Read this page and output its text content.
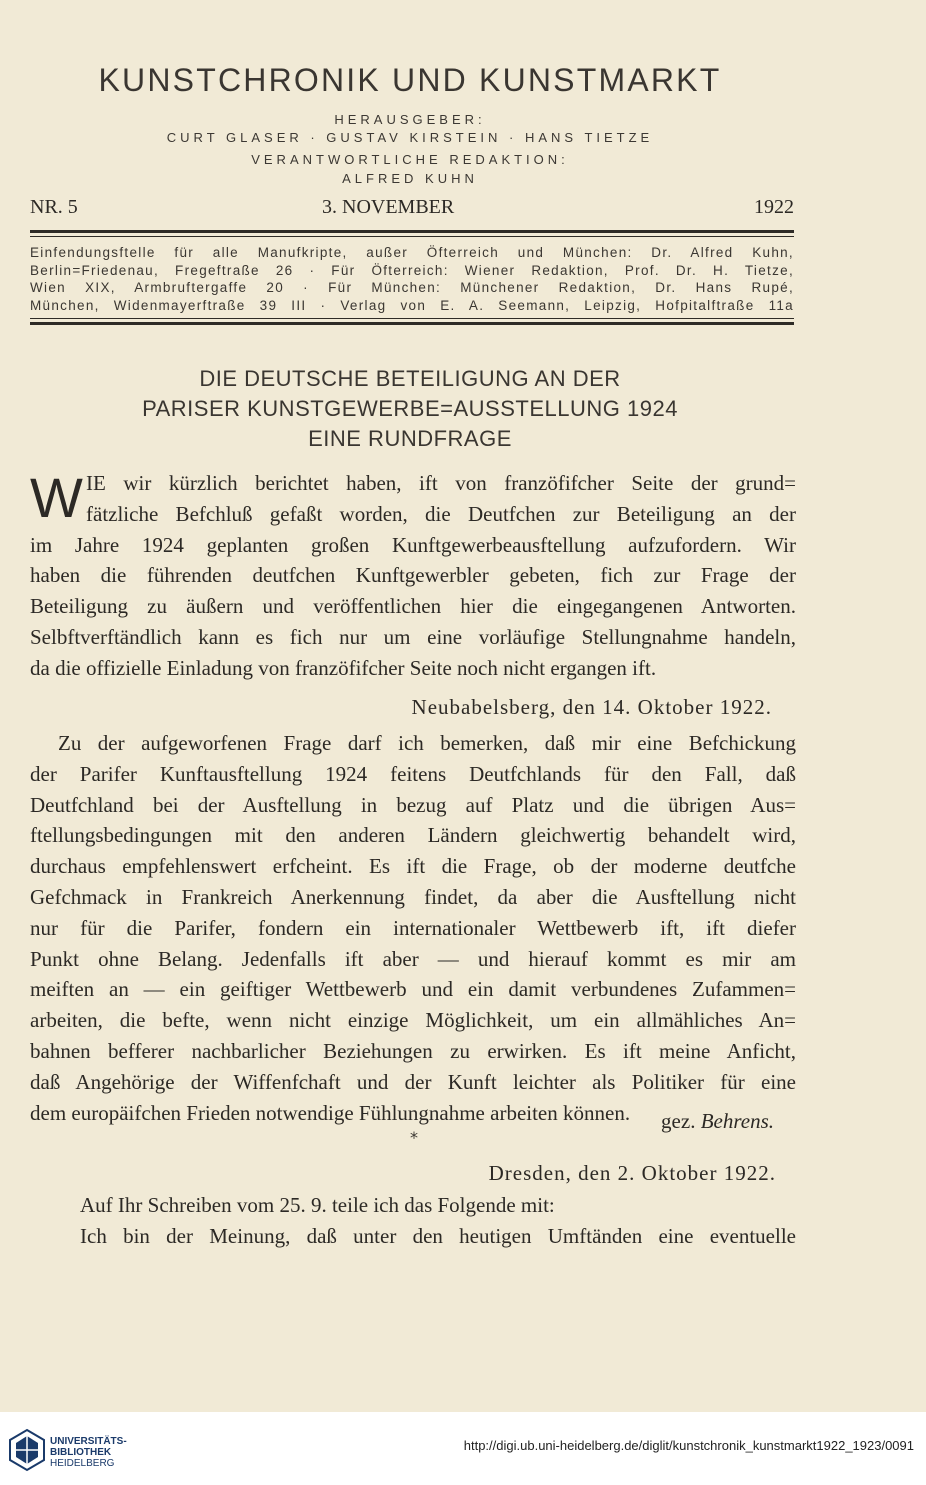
KUNSTCHRONIK UND KUNSTMARKT
HERAUSGEBER:
CURT GLASER · GUSTAV KIRSTEIN · HANS TIETZE
VERANTWORTLICHE REDAKTION:
ALFRED KUHN
NR. 5	3. NOVEMBER	1922
Einfendungsftelle für alle Manufkripte, außer Öfterreich und München: Dr. Alfred Kuhn,
Berlin=Friedenau, Fregeftraße 26 · Für Öfterreich: Wiener Redaktion, Prof. Dr. H. Tietze,
Wien XIX, Armbruftergaffe 20 · Für München: Münchener Redaktion, Dr. Hans Rupé,
München, Widenmayerftraße 39 III · Verlag von E. A. Seemann, Leipzig, Hofpitalftraße 11a
DIE DEUTSCHE BETEILIGUNG AN DER
PARISER KUNSTGEWERBE=AUSSTELLUNG 1924
EINE RUNDFRAGE
W IE wir kürzlich berichtet haben, ift von franzöfifcher Seite der grund=
fätzliche Befchluß gefaßt worden, die Deutfchen zur Beteiligung an der
im Jahre 1924 geplanten großen Kunftgewerbeausftellung aufzufordern. Wir
haben die führenden deutfchen Kunftgewerbler gebeten, fich zur Frage der
Beteiligung zu äußern und veröffentlichen hier die eingegangenen Antworten.
Selbftverftändlich kann es fich nur um eine vorläufige Stellungnahme handeln,
da die offizielle Einladung von franzöfifcher Seite noch nicht ergangen ift.
Neubabelsberg, den 14. Oktober 1922.
Zu der aufgeworfenen Frage darf ich bemerken, daß mir eine Befchickung
der Parifer Kunftausftellung 1924 feitens Deutfchlands für den Fall, daß
Deutfchland bei der Ausftellung in bezug auf Platz und die übrigen Aus=
ftellungsbedingungen mit den anderen Ländern gleichwertig behandelt wird,
durchaus empfehlenswert erfcheint. Es ift die Frage, ob der moderne deutfche
Gefchmack in Frankreich Anerkennung findet, da aber die Ausftellung nicht
nur für die Parifer, fondern ein internationaler Wettbewerb ift, ift diefer
Punkt ohne Belang. Jedenfalls ift aber — und hierauf kommt es mir am
meiften an — ein geiftiger Wettbewerb und ein damit verbundenes Zufammen=
arbeiten, die befte, wenn nicht einzige Möglichkeit, um ein allmähliches An=
bahnen befferer nachbarlicher Beziehungen zu erwirken. Es ift meine Anficht,
daß Angehörige der Wiffenfchaft und der Kunft leichter als Politiker für eine
dem europäifchen Frieden notwendige Fühlungnahme arbeiten können.	gez. Behrens.
*
Dresden, den 2. Oktober 1922.
Auf Ihr Schreiben vom 25. 9. teile ich das Folgende mit:
Ich bin der Meinung, daß unter den heutigen Umftänden eine eventuelle
UNIVERSITÄTS-
BIBLIOTHEK
HEIDELBERG
http://digi.ub.uni-heidelberg.de/diglit/kunstchronik_kunstmarkt1922_1923/0091
